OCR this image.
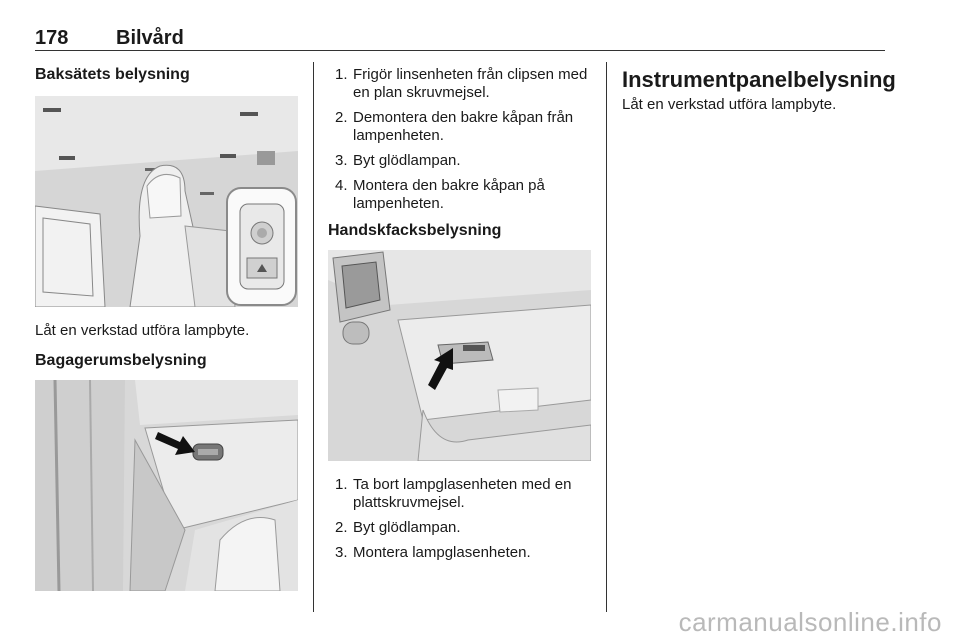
178 Bilvård
Baksätets belysning
Låt en verkstad utföra lampbyte.
Bagagerumsbelysning
1. Frigör linsenheten från clipsen med en plan skruvmejsel.
2. Demontera den bakre kåpan från lampenheten.
3. Byt glödlampan.
4. Montera den bakre kåpan på lampenheten.
Handskfacksbelysning
1. Ta bort lampglasenheten med en plattskruvmejsel.
2. Byt glödlampan.
3. Montera lampglasenheten.
Instrumentpanelbelysning
Låt en verkstad utföra lampbyte.
carmanualsonline.info
